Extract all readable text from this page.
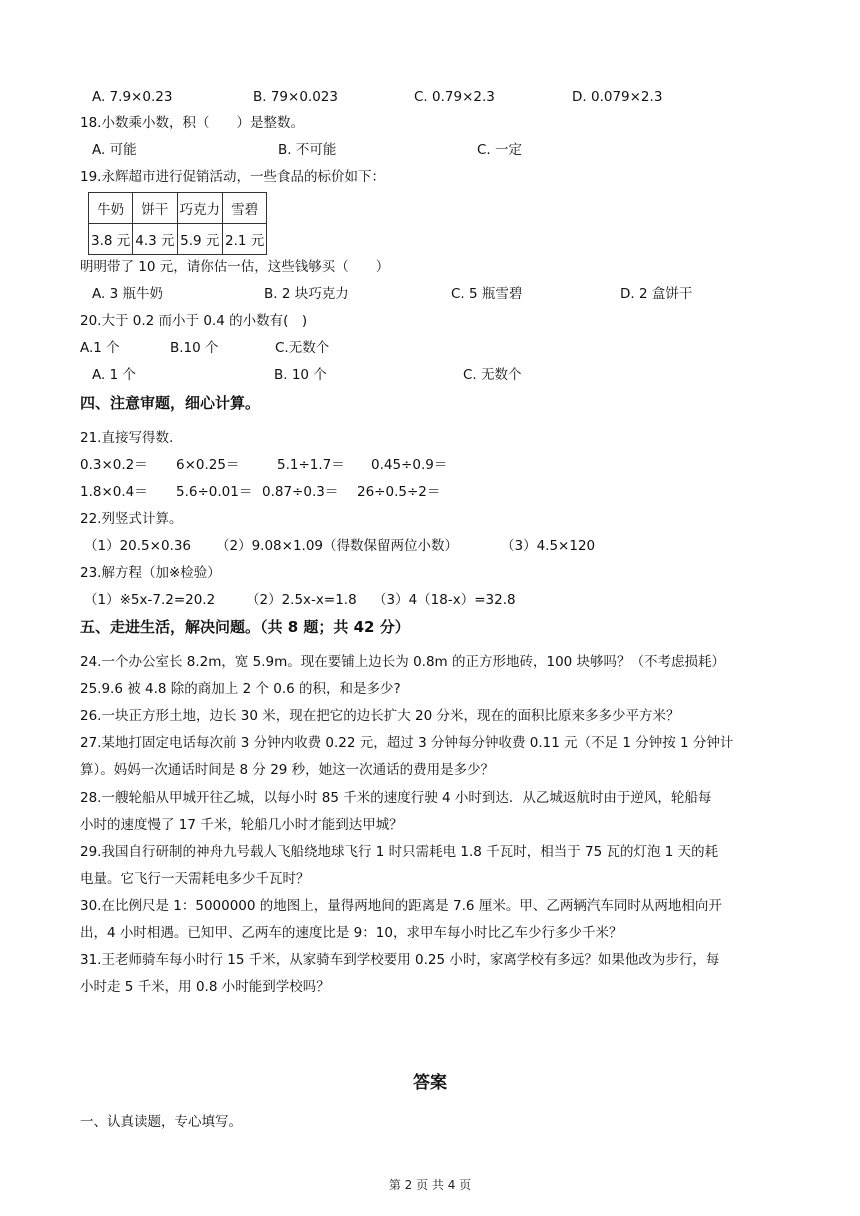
A. 7.9×0.23	B. 79×0.023	C. 0.79×2.3	D. 0.079×2.3
18.小数乘小数，积（　　）是整数。
A. 可能	B. 不可能	C. 一定
19.永辉超市进行促销活动，一些食品的标价如下：
牛奶	饼干	巧克力	雪碧
3.8 元	4.3 元	5.9 元	2.1 元
明明带了 10 元，请你估一估，这些钱够买（　　）
A. 3 瓶牛奶	B. 2 块巧克力	C. 5 瓶雪碧	D. 2 盒饼干
20.大于 0.2 而小于 0.4 的小数有(　)
A.1 个	B.10 个	C.无数个
A. 1 个	B. 10 个	C. 无数个
四、注意审题，细心计算。
21.直接写得数.
0.3×0.2＝ 6×0.25＝	5.1÷1.7＝ 0.45÷0.9＝
1.8×0.4＝ 5.6÷0.01＝ 0.87÷0.3＝ 26÷0.5÷2＝
22.列竖式计算。
（1）20.5×0.36 （2）9.08×1.09（得数保留两位小数）	（3）4.5×120
23.解方程（加※检验）
（1）※5x-7.2=20.2 （2）2.5x-x=1.8 （3）4（18-x）=32.8
五、走进生活，解决问题。（共 8 题；共 42 分）
24.一个办公室长 8.2m，宽 5.9m。现在要铺上边长为 0.8m 的正方形地砖，100 块够吗？（不考虑损耗）
25.9.6 被 4.8 除的商加上 2 个 0.6 的积，和是多少?
26.一块正方形土地，边长 30 米，现在把它的边长扩大 20 分米，现在的面积比原来多多少平方米？
27.某地打固定电话每次前 3 分钟内收费 0.22 元，超过 3 分钟每分钟收费 0.11 元（不足 1 分钟按 1 分钟计
算）。妈妈一次通话时间是 8 分 29 秒，她这一次通话的费用是多少？
28.一艘轮船从甲城开往乙城，以每小时 85 千米的速度行驶 4 小时到达．从乙城返航时由于逆风，轮船每
小时的速度慢了 17 千米，轮船几小时才能到达甲城？
29.我国自行研制的神舟九号载人飞船绕地球飞行 1 时只需耗电 1.8 千瓦时，相当于 75 瓦的灯泡 1 天的耗
电量。它飞行一天需耗电多少千瓦时？
30.在比例尺是 1：5000000 的地图上，量得两地间的距离是 7.6 厘米。甲、乙两辆汽车同时从两地相向开
出，4 小时相遇。已知甲、乙两车的速度比是 9：10，求甲车每小时比乙车少行多少千米？
31.王老师骑车每小时行 15 千米，从家骑车到学校要用 0.25 小时，家离学校有多远？如果他改为步行，每
小时走 5 千米，用 0.8 小时能到学校吗？
答案
一、认真读题，专心填写。
第 2 页 共 4 页
